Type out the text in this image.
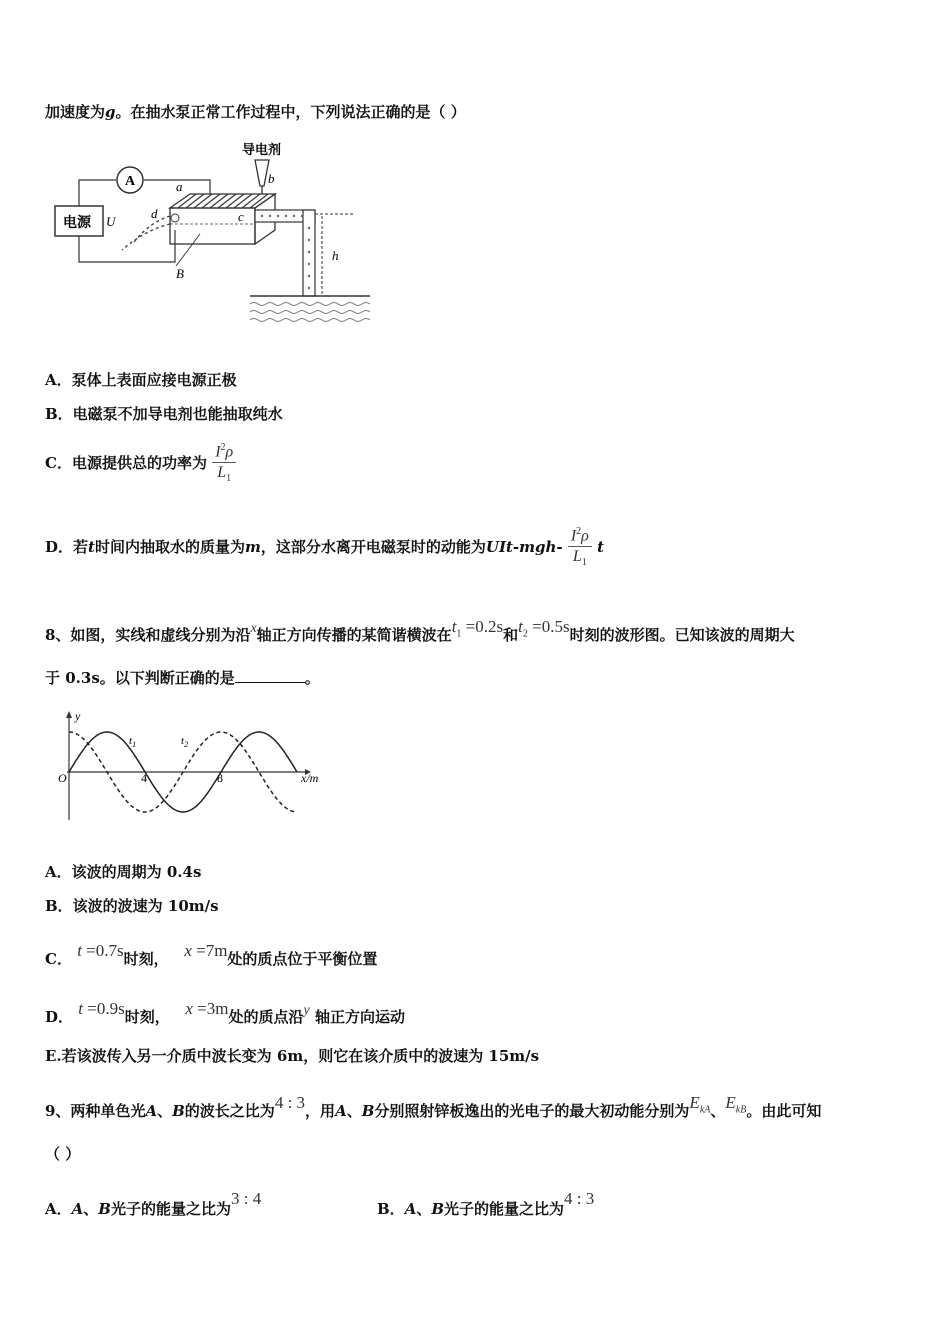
加速度为g。在抽水泵正常工作过程中，下列说法正确的是（ ）
电源 U
A	a
c
d
导电剂
b
B
h
A．泵体上表面应接电源正极
B．电磁泵不加导电剂也能抽取纯水
C．电源提供总的功率为 $\frac{I^2\rho}{L_1}$
D．若t时间内抽取水的质量为m，这部分水离开电磁泵时的动能为$UIt-mgh- \frac{I^2\rho}{L_1}$ t
8、如图，实线和虚线分别为沿x轴正方向传播的某简谐横波在$t_1 =0.2s$和$t_2 =0.5s$时刻的波形图。已知该波的周期大
于 0.3s。以下判断正确的是	。
y
x/m
O	4	8
$t_1$	$t_2$
A．该波的周期为 0.4s
B．该波的波速为 10m/s
C． t =0.7s时刻， x =7m处的质点位于平衡位置
D． t =0.9s时刻， x =3m处的质点沿y 轴正方向运动
E.若该波传入另一介质中波长变为 6m，则它在该介质中的波速为 15m/s
9、两种单色光A、B的波长之比为4 : 3，用A、B分别照射锌板逸出的光电子的最大初动能分别为$E_{kA}$、$E_{kB}$。由此可知
（ ）
A．A、B光子的能量之比为3 : 4
B．A、B光子的能量之比为4 : 3
